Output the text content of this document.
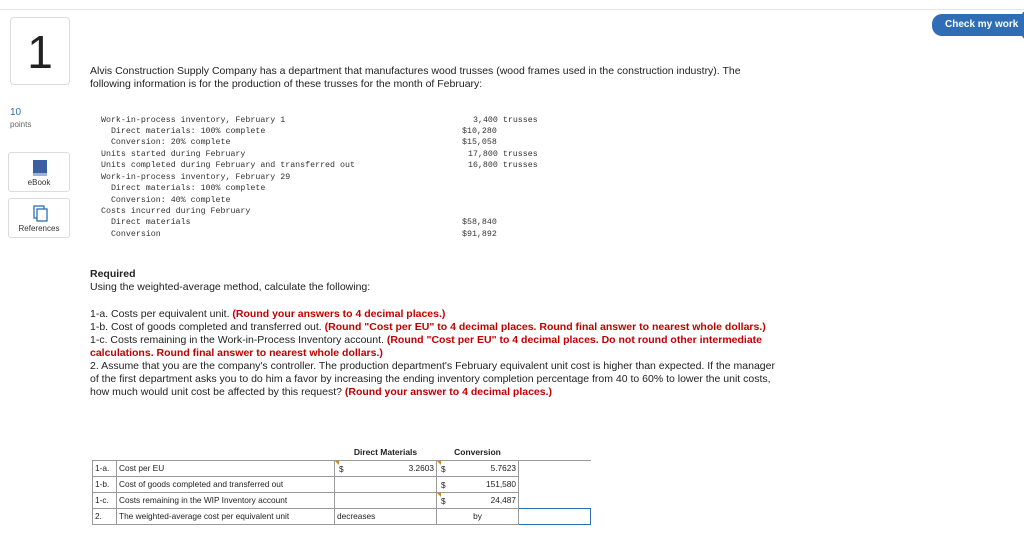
Check my work
1
10
points
eBook
References
Alvis Construction Supply Company has a department that manufactures wood trusses (wood frames used in the construction industry). The following information is for the production of these trusses for the month of February:
Work-in-process inventory, February 1	3,400 trusses
Direct materials: 100% complete	$10,280
Conversion: 20% complete	$15,058
Units started during February	17,800 trusses
Units completed during February and transferred out	16,800 trusses
Work-in-process inventory, February 29
Direct materials: 100% complete
Conversion: 40% complete
Costs incurred during February
Direct materials	$58,840
Conversion	$91,892
Required
Using the weighted-average method, calculate the following:

1-a. Costs per equivalent unit. (Round your answers to 4 decimal places.)

1-b. Cost of goods completed and transferred out. (Round "Cost per EU" to 4 decimal places. Round final answer to nearest whole dollars.)

1-c. Costs remaining in the Work-in-Process Inventory account. (Round "Cost per EU" to 4 decimal places. Do not round other intermediate calculations. Round final answer to nearest whole dollars.)

2. Assume that you are the company's controller. The production department's February equivalent unit cost is higher than expected. If the manager of the first department asks you to do him a favor by increasing the ending inventory completion percentage from 40 to 60% to lower the unit costs, how much would unit cost be affected by this request? (Round your answer to 4 decimal places.)

		Direct Materials	Conversion	
1-a.	Cost per EU	$ 3.2603	$ 5.7623	
1-b.	Cost of goods completed and transferred out		$ 151,580	
1-c.	Costs remaining in the WIP Inventory account		$ 24,487	
2.	The weighted-average cost per equivalent unit	decreases	by	
